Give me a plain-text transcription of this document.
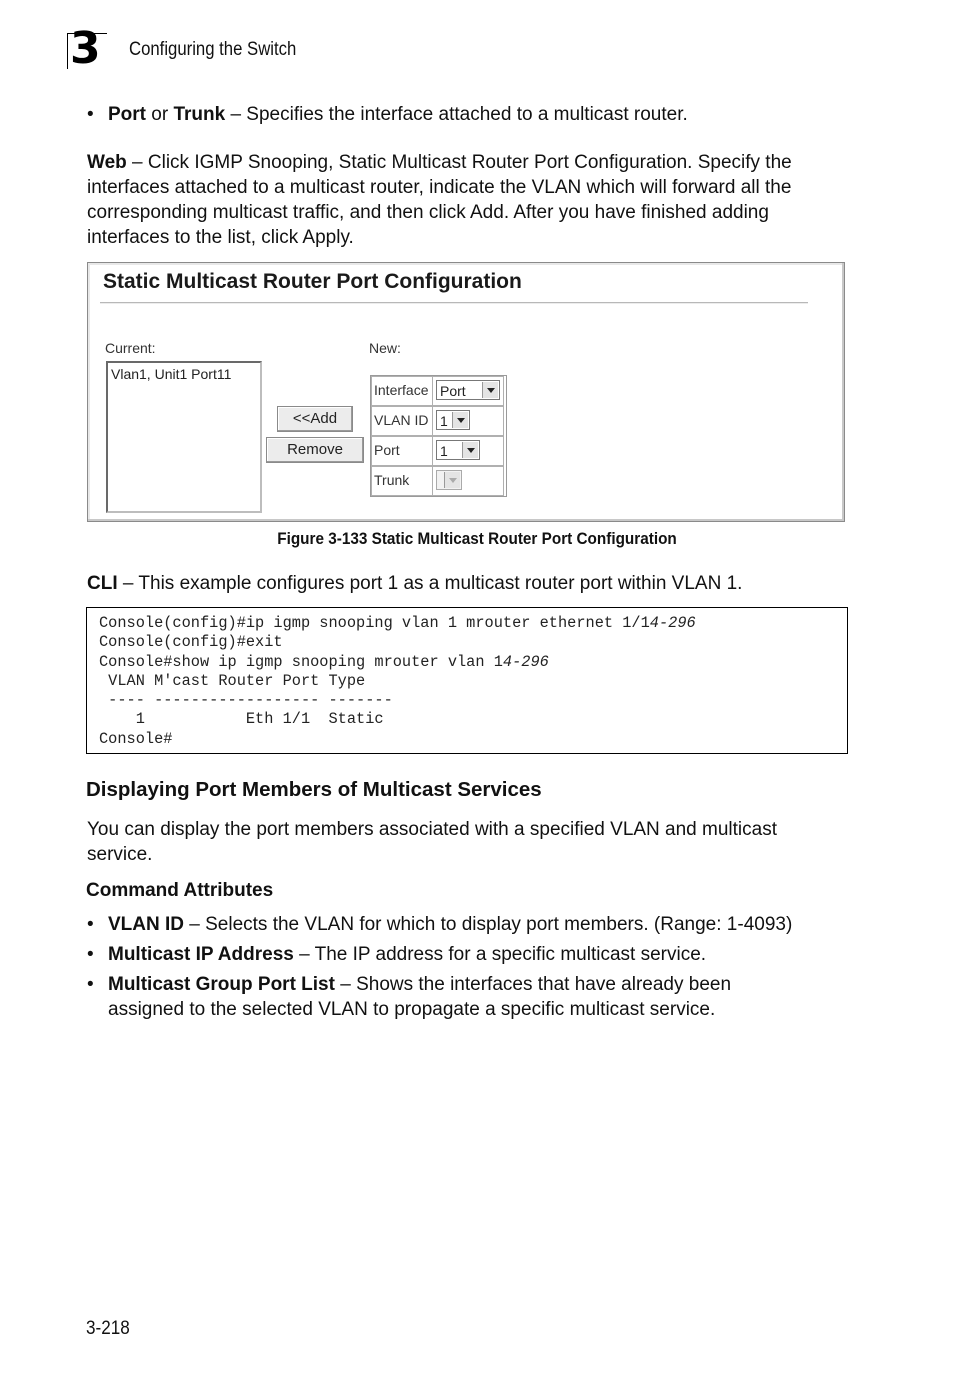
3 Configuring the Switch
• Port or Trunk – Specifies the interface attached to a multicast router.
Web – Click IGMP Snooping, Static Multicast Router Port Configuration. Specify the
interfaces attached to a multicast router, indicate the VLAN which will forward all the
corresponding multicast traffic, and then click Add. After you have finished adding
interfaces to the list, click Apply.
Static Multicast Router Port Configuration
Current:	New:
Vlan1, Unit1 Port11
<<Add
Remove
Interface Port
VLAN ID 1
Port	1
Trunk
Figure 3-133 Static Multicast Router Port Configuration
CLI – This example configures port 1 as a multicast router port within VLAN 1.
Console(config)#ip igmp snooping vlan 1 mrouter ethernet 1/14-296
Console(config)#exit
Console#show ip igmp snooping mrouter vlan 14-296
VLAN M'cast Router Port Type
---- ------------------ -------
1           Eth 1/1  Static
Console#
Displaying Port Members of Multicast Services
You can display the port members associated with a specified VLAN and multicast
service.
Command Attributes
• VLAN ID – Selects the VLAN for which to display port members. (Range: 1-4093)
• Multicast IP Address – The IP address for a specific multicast service.
• Multicast Group Port List – Shows the interfaces that have already been
assigned to the selected VLAN to propagate a specific multicast service.
3-218
